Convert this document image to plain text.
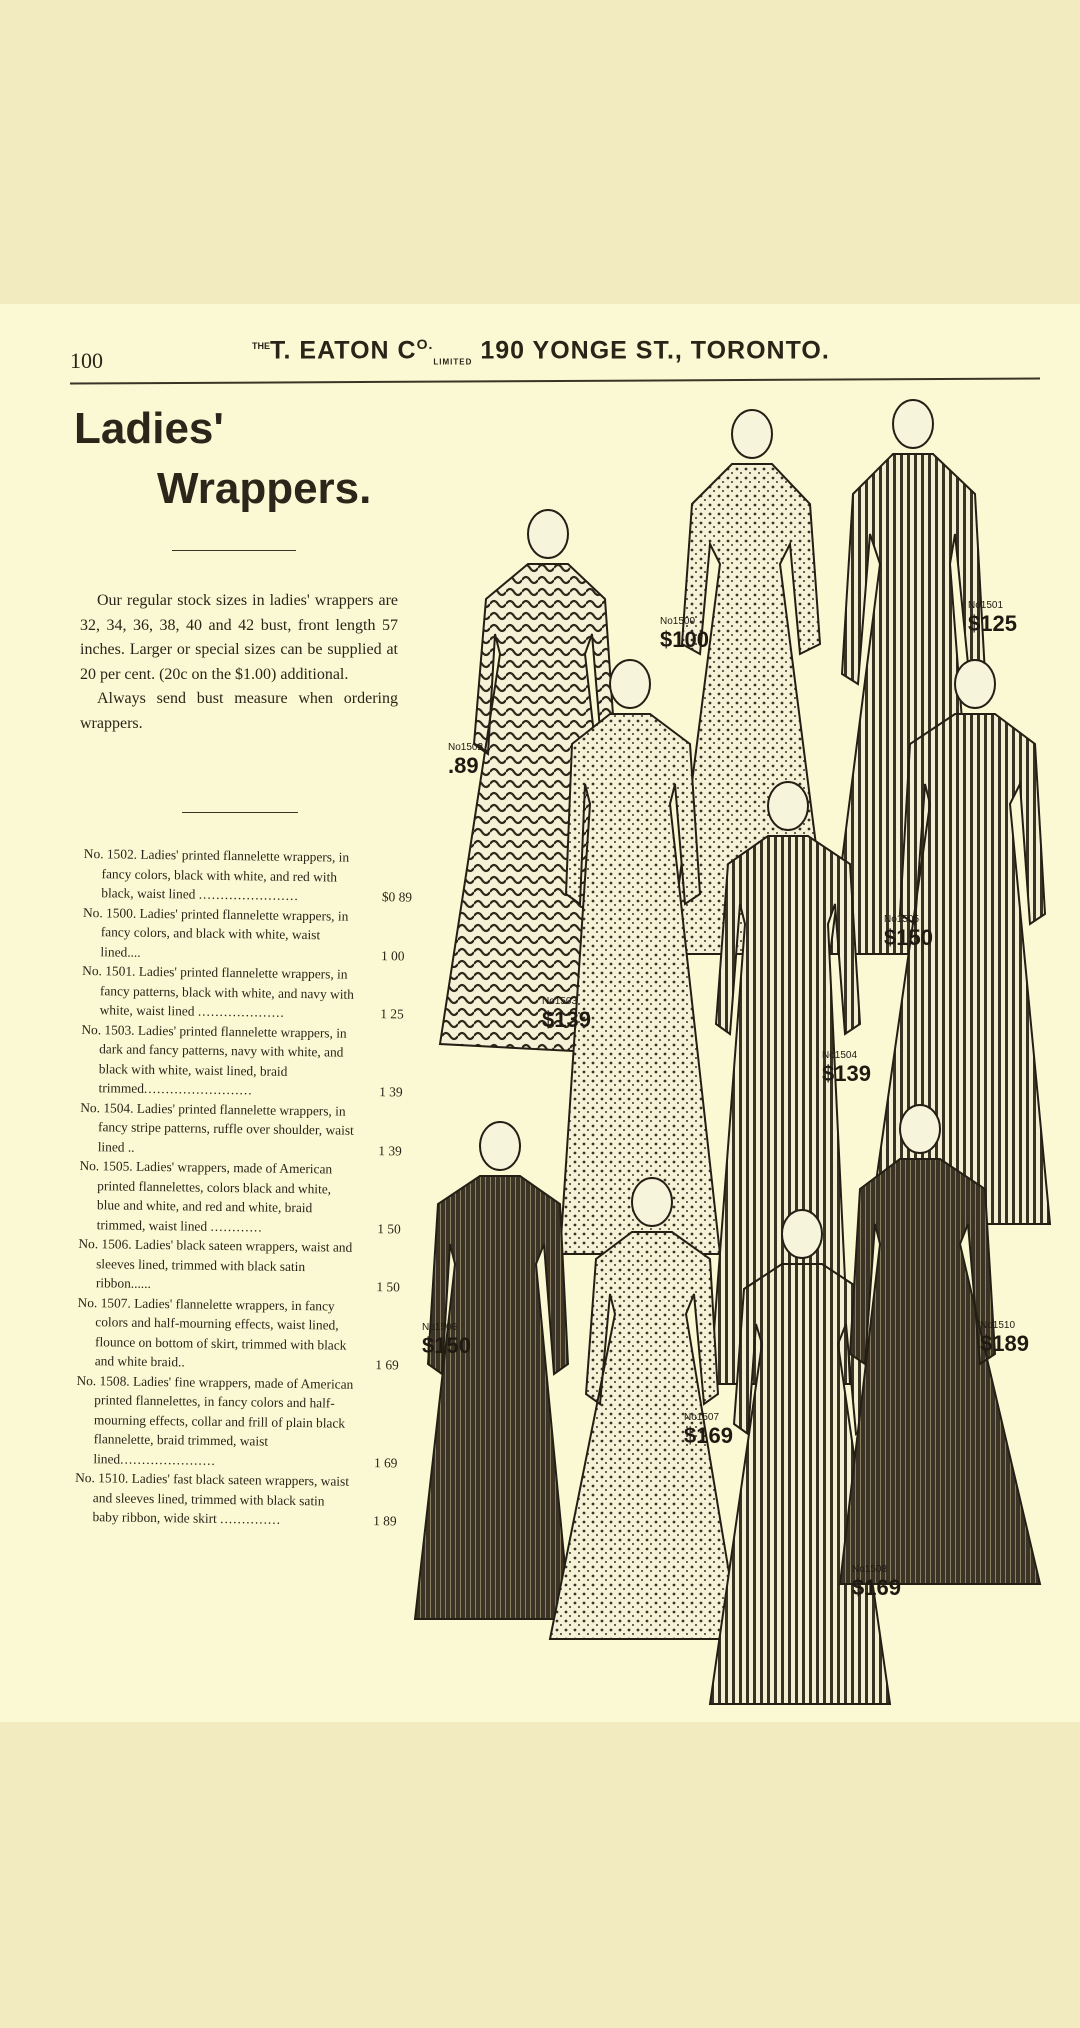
100
$^{THE}$T. EATON $C^{O.}_{LIMITED}$ 190 YONGE ST., TORONTO.
Ladies'
Wrappers.

Our regular stock sizes in ladies' wrappers are 32, 34, 36, 38, 40 and 42 bust, front length 57 inches. Larger or special sizes can be supplied at 20 per cent. (20c on the $1.00) additional.

Always send bust measure when ordering wrappers.

No. 1502. Ladies' printed flannelette wrappers, in fancy colors, black with white, and red with black, waist lined .......................	$0 89

No. 1500. Ladies' printed flannelette wrappers, in fancy colors, and black with white, waist lined....	1 00

No. 1501. Ladies' printed flannelette wrappers, in fancy patterns, black with white, and navy with white, waist lined ....................	1 25

No. 1503. Ladies' printed flannelette wrappers, in dark and fancy patterns, navy with white, and black with white, waist lined, braid trimmed.........................	1 39

No. 1504. Ladies' printed flannelette wrappers, in fancy stripe patterns, ruffle over shoulder, waist lined ..	1 39

No. 1505. Ladies' wrappers, made of American printed flannelettes, colors black and white, blue and white, and red and white, braid trimmed, waist lined ............	1 50

No. 1506. Ladies' black sateen wrappers, waist and sleeves lined, trimmed with black satin ribbon......	1 50

No. 1507. Ladies' flannelette wrappers, in fancy colors and half-mourning effects, waist lined, flounce on bottom of skirt, trimmed with black and white braid..	1 69

No. 1508. Ladies' fine wrappers, made of American printed flannelettes, in fancy colors and half-mourning effects, collar and frill of plain black flannelette, braid trimmed, waist lined......................	1 69

No. 1510. Ladies' fast black sateen wrappers, waist and sleeves lined, trimmed with black satin baby ribbon, wide skirt ..............	1 89

No1500
$100
No1501
$125
No1502
.89
No1503
$139
No1504
$139
No1505
$150
No1506
$150
No1507
$169
No1508
$169
No1510
$189
